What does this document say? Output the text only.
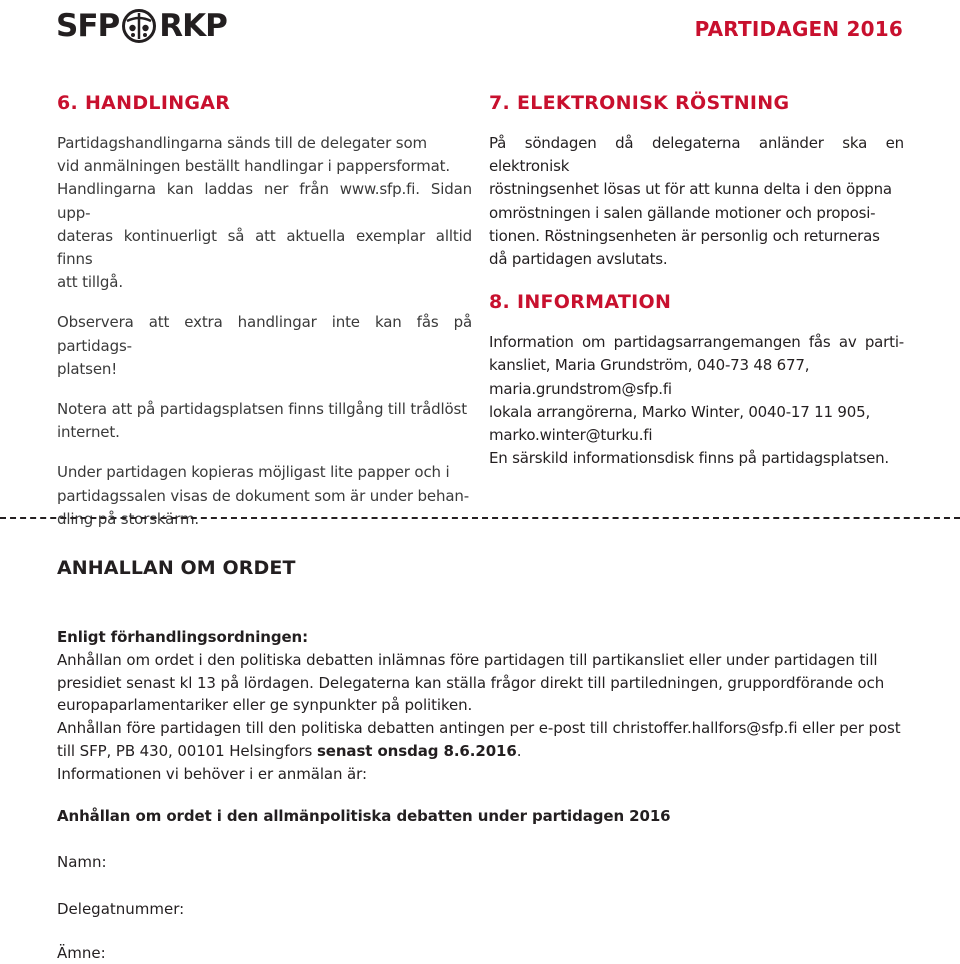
SFP RKP	PARTIDAGEN 2016
6. HANDLINGAR
Partidagshandlingarna sänds till de delegater som
vid anmälningen beställt handlingar i pappersformat.
Handlingarna kan laddas ner från www.sfp.fi. Sidan upp-
dateras kontinuerligt så att aktuella exemplar alltid finns
att tillgå.
Observera att extra handlingar inte kan fås på partidags-
platsen!
Notera att på partidagsplatsen finns tillgång till trådlöst
internet.
Under partidagen kopieras möjligast lite papper och i
partidagssalen visas de dokument som är under behan-
dling på storskärm.
7. ELEKTRONISK RÖSTNING
På söndagen då delegaterna anländer ska en elektronisk
röstningsenhet lösas ut för att kunna delta i den öppna
omröstningen i salen gällande motioner och proposi-
tionen. Röstningsenheten är personlig och returneras
då partidagen avslutats.
8. INFORMATION
Information om partidagsarrangemangen fås av parti-
kansliet, Maria Grundström, 040-73 48 677,
maria.grundstrom@sfp.fi
lokala arrangörerna, Marko Winter, 0040-17 11 905,
marko.winter@turku.fi
En särskild informationsdisk finns på partidagsplatsen.
ANHALLAN OM ORDET
Enligt förhandlingsordningen:
Anhållan om ordet i den politiska debatten inlämnas före partidagen till partikansliet eller under partidagen till
presidiet senast kl 13 på lördagen. Delegaterna kan ställa frågor direkt till partiledningen, gruppordförande och
europaparlamentariker eller ge synpunkter på politiken.
Anhållan före partidagen till den politiska debatten antingen per e-post till christoffer.hallfors@sfp.fi eller per post
till SFP, PB 430, 00101 Helsingfors senast onsdag 8.6.2016.
Informationen vi behöver i er anmälan är:
Anhållan om ordet i den allmänpolitiska debatten under partidagen 2016
Namn:
Delegatnummer:
Ämne:
